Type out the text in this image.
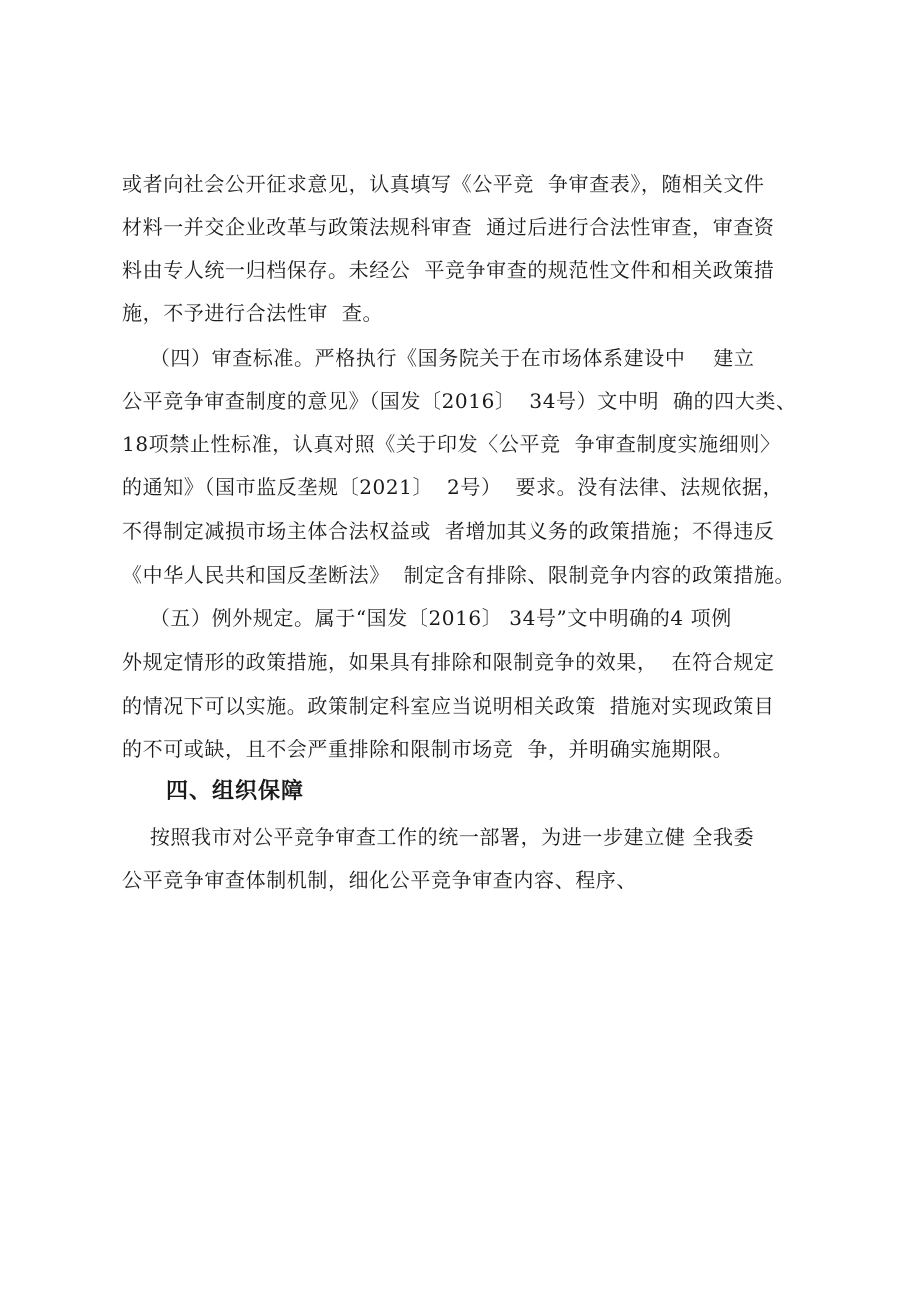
或者向社会公开征求意见，认真填写《公平竞  争审查表》，随相关文件
材料一并交企业改革与政策法规科审查  通过后进行合法性审查，审查资
料由专人统一归档保存。未经公  平竞争审查的规范性文件和相关政策措
施，不予进行合法性审  查。
（四）审查标准。严格执行《国务院关于在市场体系建设中    建立
公平竞争审查制度的意见》（国发〔2016〕  34号）文中明  确的四大类、
18项禁止性标准，认真对照《关于印发〈公平竞  争审查制度实施细则〉
的通知》（国市监反垄规〔2021〕  2号）  要求。没有法律、法规依据，
不得制定减损市场主体合法权益或  者增加其义务的政策措施；不得违反
《中华人民共和国反垄断法》  制定含有排除、限制竞争内容的政策措施。
（五）例外规定。属于“国发〔2016〕 34号”文中明确的4 项例
外规定情形的政策措施，如果具有排除和限制竞争的效果，  在符合规定
的情况下可以实施。政策制定科室应当说明相关政策  措施对实现政策目
的不可或缺，且不会严重排除和限制市场竞  争，并明确实施期限。
四、组织保障
按照我市对公平竞争审查工作的统一部署，为进一步建立健 全我委
公平竞争审查体制机制，细化公平竞争审查内容、程序、
